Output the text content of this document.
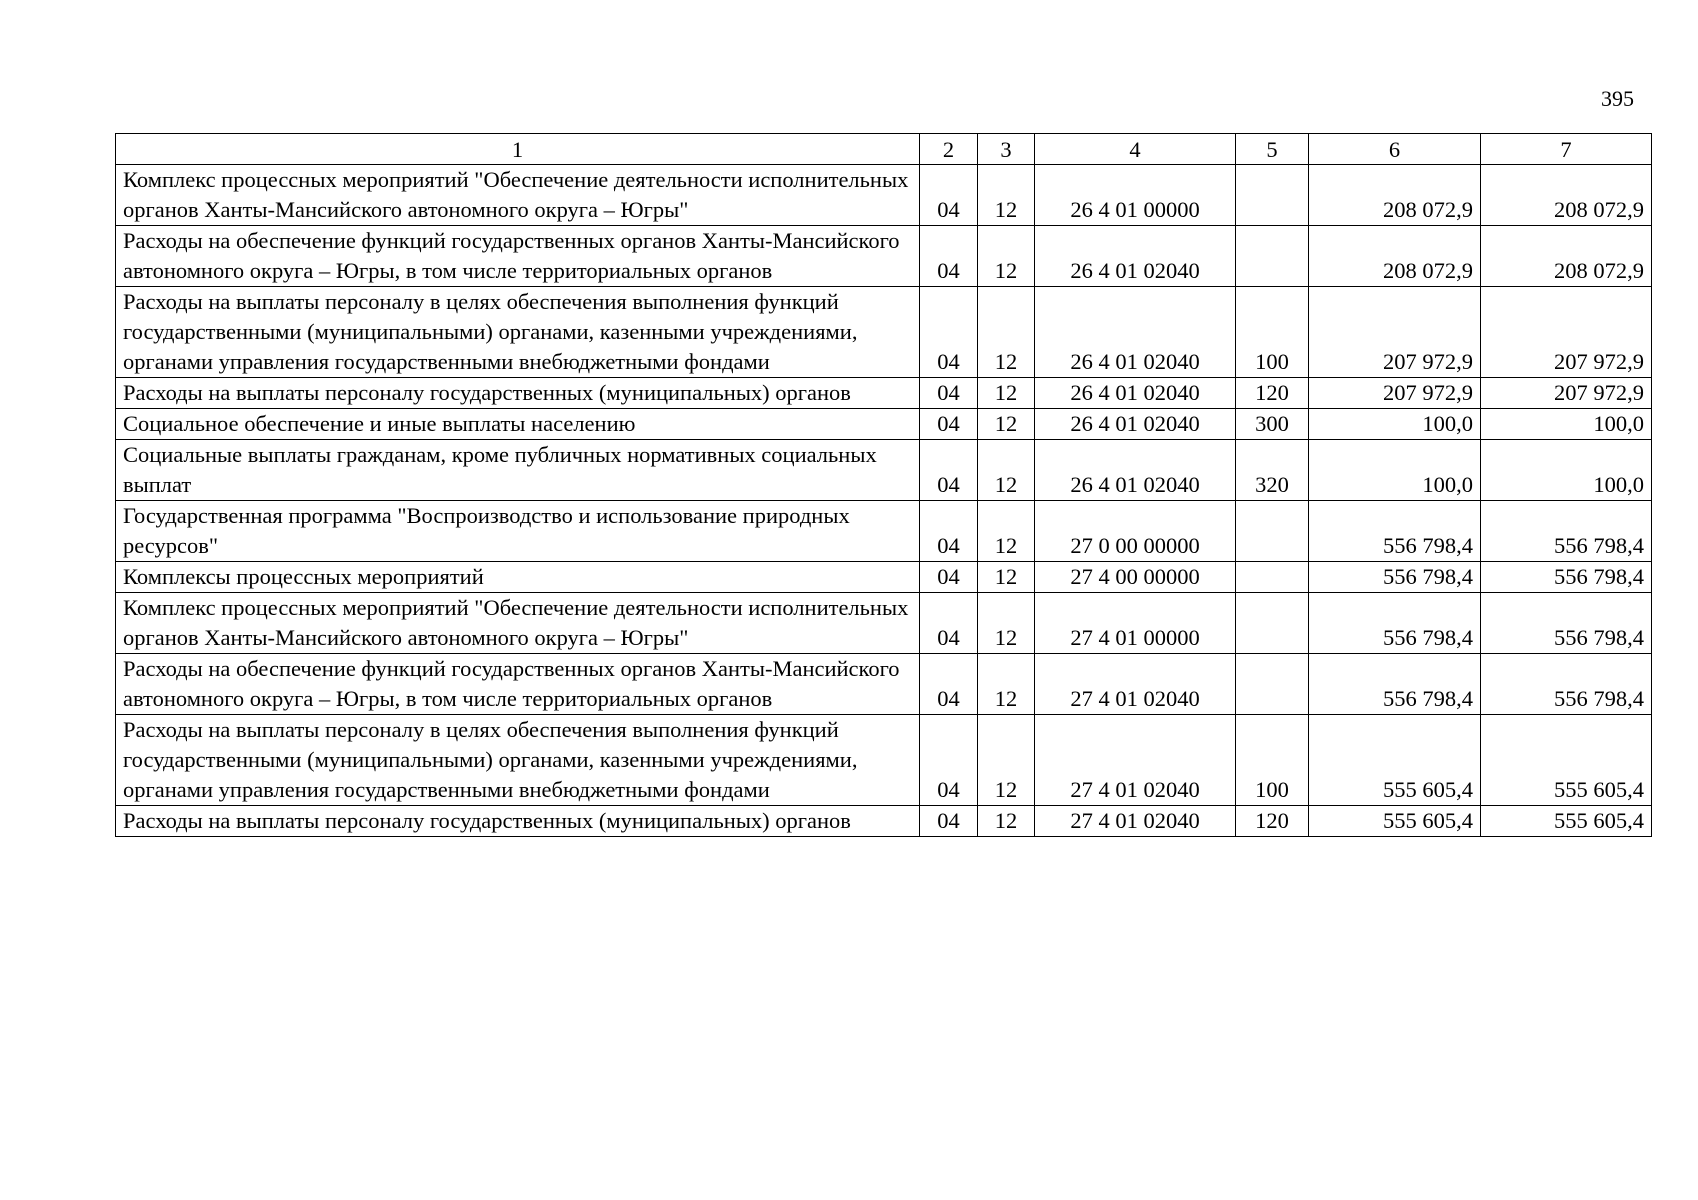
395
1	2	3	4	5	6	7
Комплекс процессных мероприятий "Обеспечение деятельности исполнительных органов Ханты-Мансийского автономного округа – Югры"	04	12	26 4 01 00000		208 072,9	208 072,9
Расходы на обеспечение функций государственных органов Ханты-Мансийского автономного округа – Югры, в том числе территориальных органов	04	12	26 4 01 02040		208 072,9	208 072,9
Расходы на выплаты персоналу в целях обеспечения выполнения функций государственными (муниципальными) органами, казенными учреждениями, органами управления государственными внебюджетными фондами	04	12	26 4 01 02040	100	207 972,9	207 972,9
Расходы на выплаты персоналу государственных (муниципальных) органов	04	12	26 4 01 02040	120	207 972,9	207 972,9
Социальное обеспечение и иные выплаты населению	04	12	26 4 01 02040	300	100,0	100,0
Социальные выплаты гражданам, кроме публичных нормативных социальных выплат	04	12	26 4 01 02040	320	100,0	100,0
Государственная программа "Воспроизводство и использование природных ресурсов"	04	12	27 0 00 00000		556 798,4	556 798,4
Комплексы процессных мероприятий	04	12	27 4 00 00000		556 798,4	556 798,4
Комплекс процессных мероприятий "Обеспечение деятельности исполнительных органов Ханты-Мансийского автономного округа – Югры"	04	12	27 4 01 00000		556 798,4	556 798,4
Расходы на обеспечение функций государственных органов Ханты-Мансийского автономного округа – Югры, в том числе территориальных органов	04	12	27 4 01 02040		556 798,4	556 798,4
Расходы на выплаты персоналу в целях обеспечения выполнения функций государственными (муниципальными) органами, казенными учреждениями, органами управления государственными внебюджетными фондами	04	12	27 4 01 02040	100	555 605,4	555 605,4
Расходы на выплаты персоналу государственных (муниципальных) органов	04	12	27 4 01 02040	120	555 605,4	555 605,4
